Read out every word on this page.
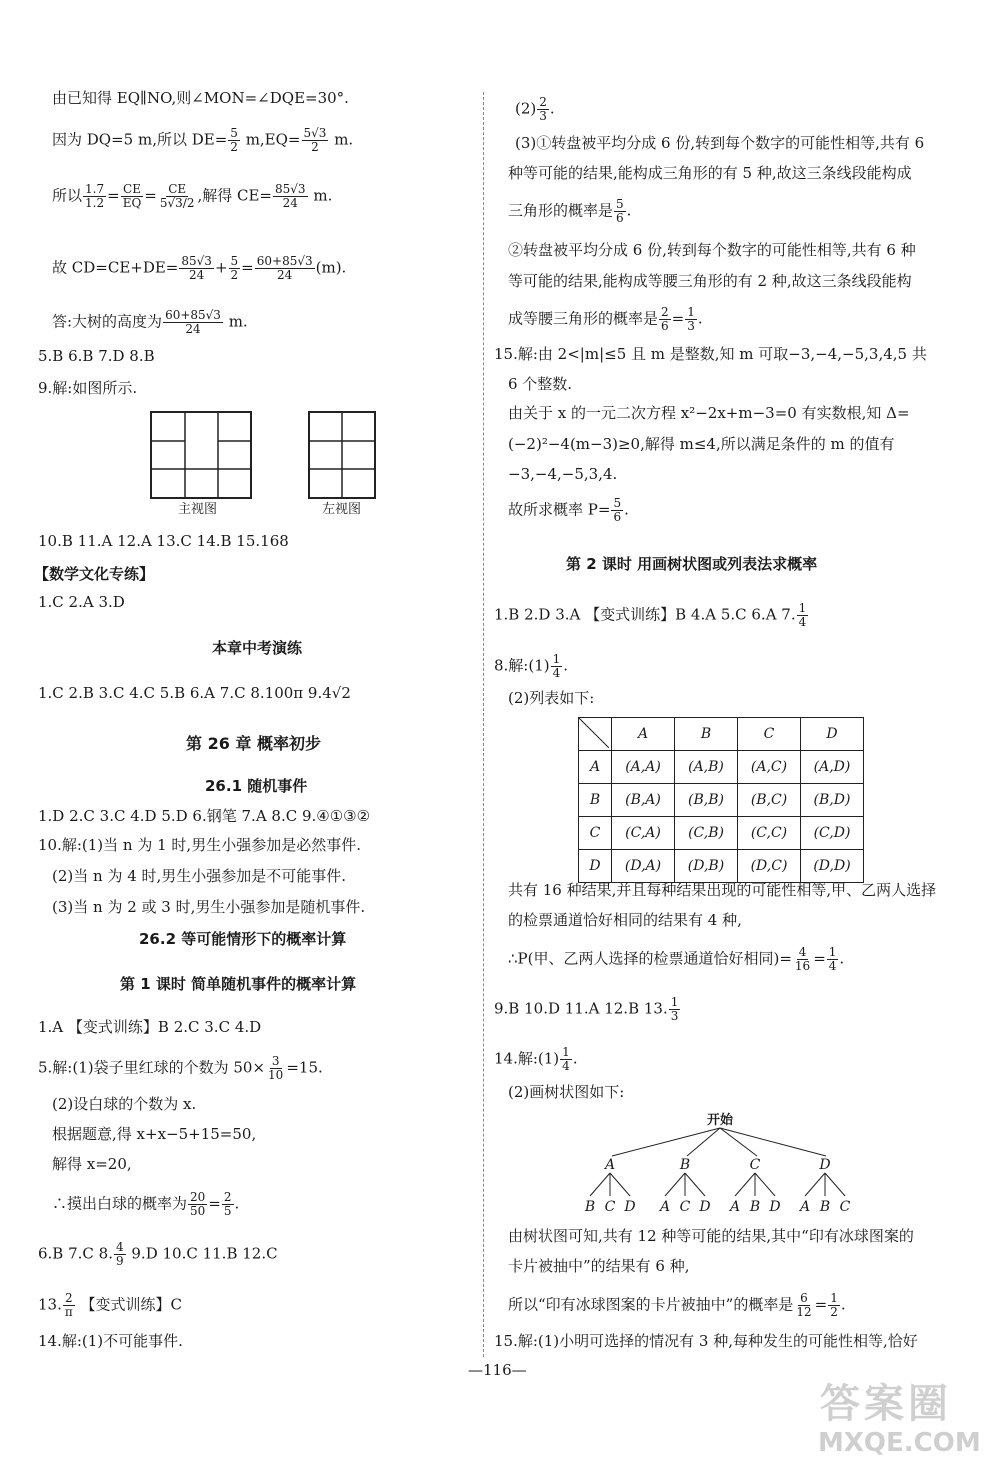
由已知得 EQ∥NO,则∠MON=∠DQE=30°.
因为 DQ=5 m,所以 $DE= \frac{5}{2} m,EQ= \frac{5√3}{2} m$.
所以 $\frac{1.7}{1.2} = \frac{CE}{EQ} = \frac{CE}{5√3/2}$ ,解得 $CE= \frac{85√3}{24} m$.
故 $CD=CE+DE= \frac{85√3}{24} + \frac{5}{2} = \frac{60+85√3}{24} (m)$.
答:大树的高度为 $\frac{60+85√3}{24} m$.
5.B 6.B 7.D 8.B
9.解:如图所示.
主视图	左视图
10.B 11.A 12.A 13.C 14.B 15.168
【数学文化专练】
1.C 2.A 3.D
本章中考演练
1.C 2.B 3.C 4.C 5.B 6.A 7.C 8.100π 9.4√2
第 26 章 概率初步
26.1 随机事件
1.D 2.C 3.C 4.D 5.D 6.钢笔 7.A 8.C 9.④①③②
10.解:(1)当 n 为 1 时,男生小强参加是必然事件.
(2)当 n 为 4 时,男生小强参加是不可能事件.
(3)当 n 为 2 或 3 时,男生小强参加是随机事件.
26.2 等可能情形下的概率计算
第 1 课时 简单随机事件的概率计算
1.A 【变式训练】B 2.C 3.C 4.D
5.解:(1)袋子里红球的个数为 $50\times \frac{3}{10} =15$.
(2)设白球的个数为 x.
根据题意,得 x+x−5+15=50,
解得 x=20,
∴摸出白球的概率为 $\frac{20}{50} = \frac{2}{5}$ .
6.B 7.C 8. $\frac{4}{9} 9.D$ 10.C 11.B 12.C
13. $\frac{2}{\pi}$ 【变式训练】C
14.解:(1)不可能事件.
$(2) \frac{2}{3}$ .
(3)①转盘被平均分成 6 份,转到每个数字的可能性相等,共有 6
种等可能的结果,能构成三角形的有 5 种,故这三条线段能构成
三角形的概率是 $\frac{5}{6}$ .
②转盘被平均分成 6 份,转到每个数字的可能性相等,共有 6 种
等可能的结果,能构成等腰三角形的有 2 种,故这三条线段能构
成等腰三角形的概率是 $\frac{2}{6} = \frac{1}{3}$ .
15.解:由 2<|m|≤5 且 m 是整数,知 m 可取−3,−4,−5,3,4,5 共
6 个整数.
由关于 x 的一元二次方程 x²−2x+m−3=0 有实数根,知 Δ=
(−2)²−4(m−3)≥0,解得 m≤4,所以满足条件的 m 的值有
−3,−4,−5,3,4.
故所求概率 $P= \frac{5}{6}$ .
第 2 课时 用画树状图或列表法求概率
1.B 2.D 3.A 【变式训练】B 4.A 5.C 6.A 7. $\frac{1}{4}$
8.解:(1) $\frac{1}{4}$ .
(2)列表如下:
	A	B	C	D
A	(A,A)	(A,B)	(A,C)	(A,D)
B	(B,A)	(B,B)	(B,C)	(B,D)
C	(C,A)	(C,B)	(C,C)	(C,D)
D	(D,A)	(D,B)	(D,C)	(D,D)
共有 16 种结果,并且每种结果出现的可能性相等,甲、乙两人选择
的检票通道恰好相同的结果有 4 种,
∴P(甲、乙两人选择的检票通道恰好相同)= $\frac{4}{16} = \frac{1}{4}$ .
9.B 10.D 11.A 12.B 13. $\frac{1}{3}$
14.解:(1) $\frac{1}{4}$ .
(2)画树状图如下:
开始
A	B	C	D
B C D A C D A B D A B C
由树状图可知,共有 12 种等可能的结果,其中“印有冰球图案的
卡片被抽中”的结果有 6 种,
所以“印有冰球图案的卡片被抽中”的概率是 $\frac{6}{12} = \frac{1}{2}$ .
15.解:(1)小明可选择的情况有 3 种,每种发生的可能性相等,恰好
—116—
答案圈
MXQE.COM
